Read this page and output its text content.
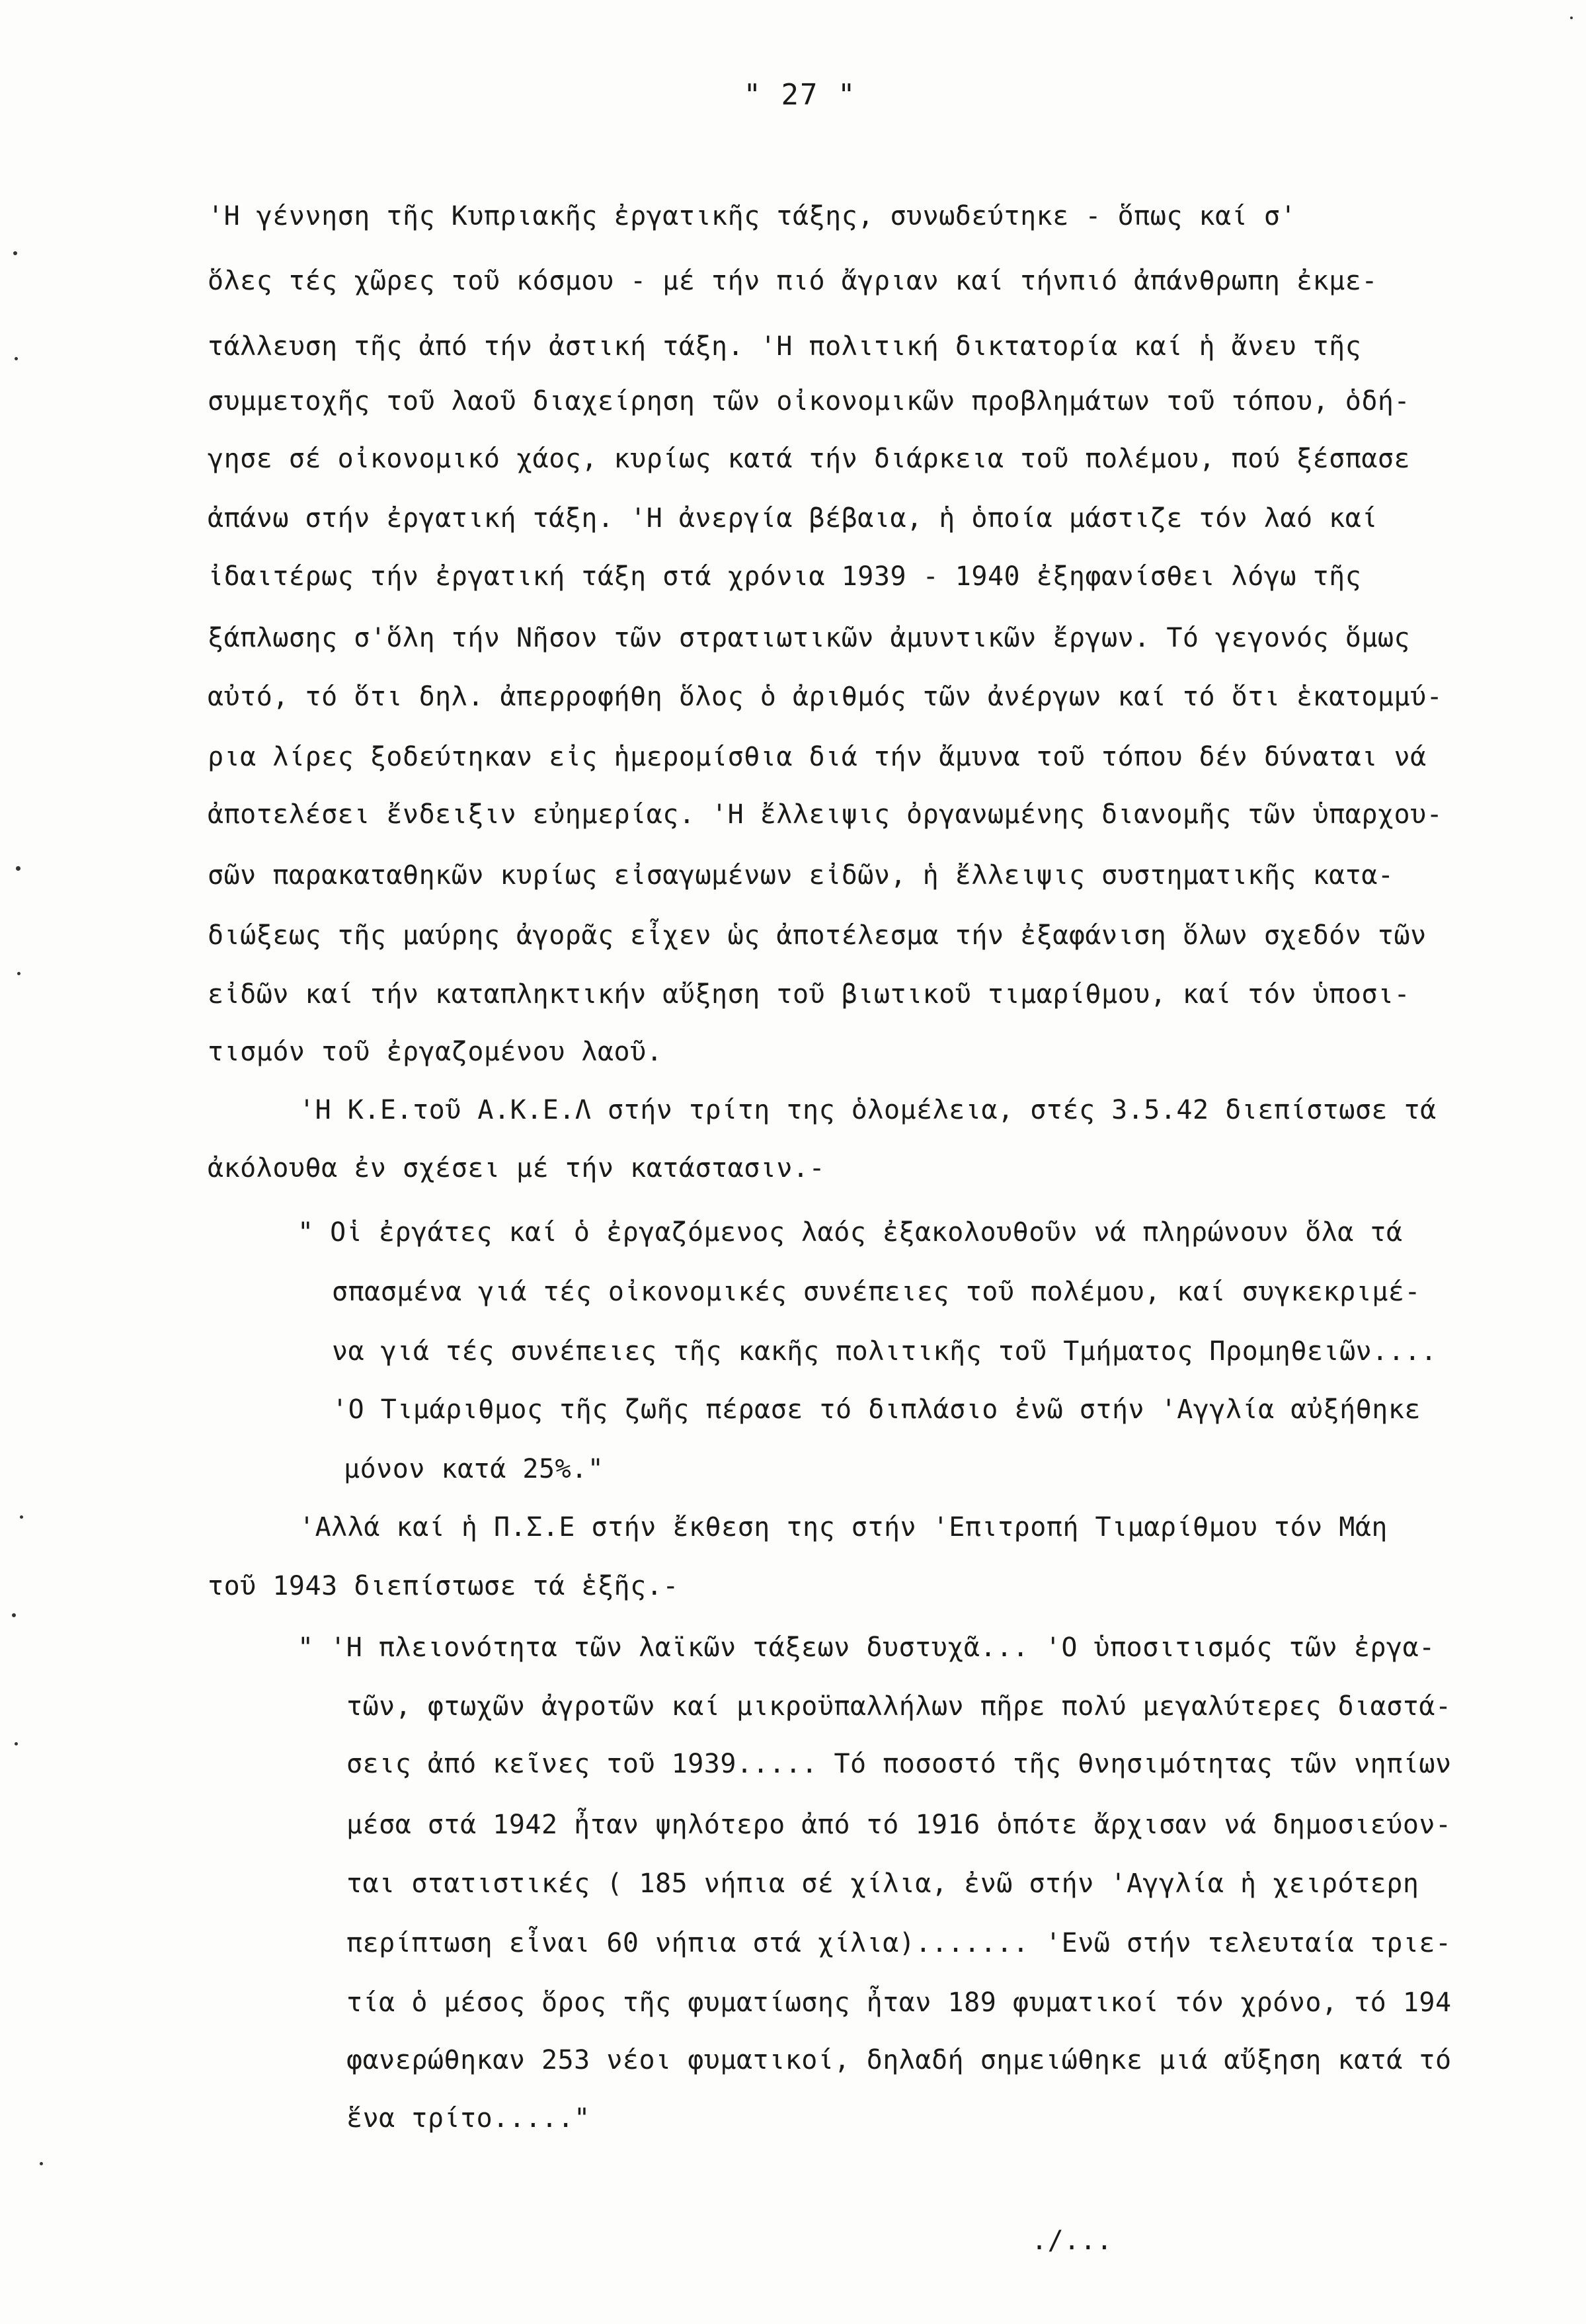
" 27 "
'Η γέννηση τῆς Κυπριακῆς ἐργατικῆς τάξης, συνωδεύτηκε - ὅπως καί σ'
ὅλες τές χῶρες τοῦ κόσμου - μέ τήν πιό ἄγριαν καί τήνπιό ἀπάνθρωπη ἐκμε-
τάλλευση τῆς ἀπό τήν ἀστική τάξη. 'Η πολιτική δικτατορία καί ἡ ἄνευ τῆς
συμμετοχῆς τοῦ λαοῦ διαχείρηση τῶν οἰκονομικῶν προβλημάτων τοῦ τόπου, ὁδή-
γησε σέ οἰκονομικό χάος, κυρίως κατά τήν διάρκεια τοῦ πολέμου, πού ξέσπασε
ἀπάνω στήν ἐργατική τάξη. 'Η ἀνεργία βέβαια, ἡ ὁποία μάστιζε τόν λαό καί
ἰδαιτέρως τήν ἐργατική τάξη στά χρόνια 1939 - 1940 ἐξηφανίσθει λόγω τῆς
ξάπλωσης σ'ὅλη τήν Νῆσον τῶν στρατιωτικῶν ἀμυντικῶν ἔργων. Τό γεγονός ὅμως
αὐτό, τό ὅτι δηλ. ἀπερροφήθη ὅλος ὁ ἀριθμός τῶν ἀνέργων καί τό ὅτι ἑκατομμύ-
ρια λίρες ξοδεύτηκαν εἰς ἡμερομίσθια διά τήν ἄμυνα τοῦ τόπου δέν δύναται νά
ἀποτελέσει ἔνδειξιν εὐημερίας. 'Η ἔλλειψις ὀργανωμένης διανομῆς τῶν ὑπαρχου-
σῶν παρακαταθηκῶν κυρίως εἰσαγωμένων εἰδῶν, ἡ ἔλλειψις συστηματικῆς κατα-
διώξεως τῆς μαύρης ἀγορᾶς εἶχεν ὡς ἀποτέλεσμα τήν ἐξαφάνιση ὅλων σχεδόν τῶν
εἰδῶν καί τήν καταπληκτικήν αὔξηση τοῦ βιωτικοῦ τιμαρίθμου, καί τόν ὑποσι-
τισμόν τοῦ ἐργαζομένου λαοῦ.
'Η Κ.Ε.τοῦ Α.Κ.Ε.Λ στήν τρίτη της ὁλομέλεια, στές 3.5.42 διεπίστωσε τά
ἀκόλουθα ἐν σχέσει μέ τήν κατάστασιν.-
" Οἱ ἐργάτες καί ὁ ἐργαζόμενος λαός ἐξακολουθοῦν νά πληρώνουν ὅλα τά
σπασμένα γιά τές οἰκονομικές συνέπειες τοῦ πολέμου, καί συγκεκριμέ-
να γιά τές συνέπειες τῆς κακῆς πολιτικῆς τοῦ Τμήματος Προμηθειῶν....
'Ο Τιμάριθμος τῆς ζωῆς πέρασε τό διπλάσιο ἐνῶ στήν 'Αγγλία αὐξήθηκε
μόνον κατά 25%."
'Αλλά καί ἡ Π.Σ.Ε στήν ἔκθεση της στήν 'Επιτροπή Τιμαρίθμου τόν Μάη
τοῦ 1943 διεπίστωσε τά ἑξῆς.-
" 'Η πλειονότητα τῶν λαϊκῶν τάξεων δυστυχᾶ... 'Ο ὑποσιτισμός τῶν ἐργα-
τῶν, φτωχῶν ἀγροτῶν καί μικροϋπαλλήλων πῆρε πολύ μεγαλύτερες διαστά-
σεις ἀπό κεῖνες τοῦ 1939..... Τό ποσοστό τῆς θνησιμότητας τῶν νηπίων
μέσα στά 1942 ἦταν ψηλότερο ἀπό τό 1916 ὁπότε ἄρχισαν νά δημοσιεύον-
ται στατιστικές ( 185 νήπια σέ χίλια, ἐνῶ στήν 'Αγγλία ἡ χειρότερη
περίπτωση εἶναι 60 νήπια στά χίλια)....... 'Ενῶ στήν τελευταία τριε-
τία ὁ μέσος ὅρος τῆς φυματίωσης ἦταν 189 φυματικοί τόν χρόνο, τό 194
φανερώθηκαν 253 νέοι φυματικοί, δηλαδή σημειώθηκε μιά αὔξηση κατά τό
ἕνα τρίτο....."
./...
